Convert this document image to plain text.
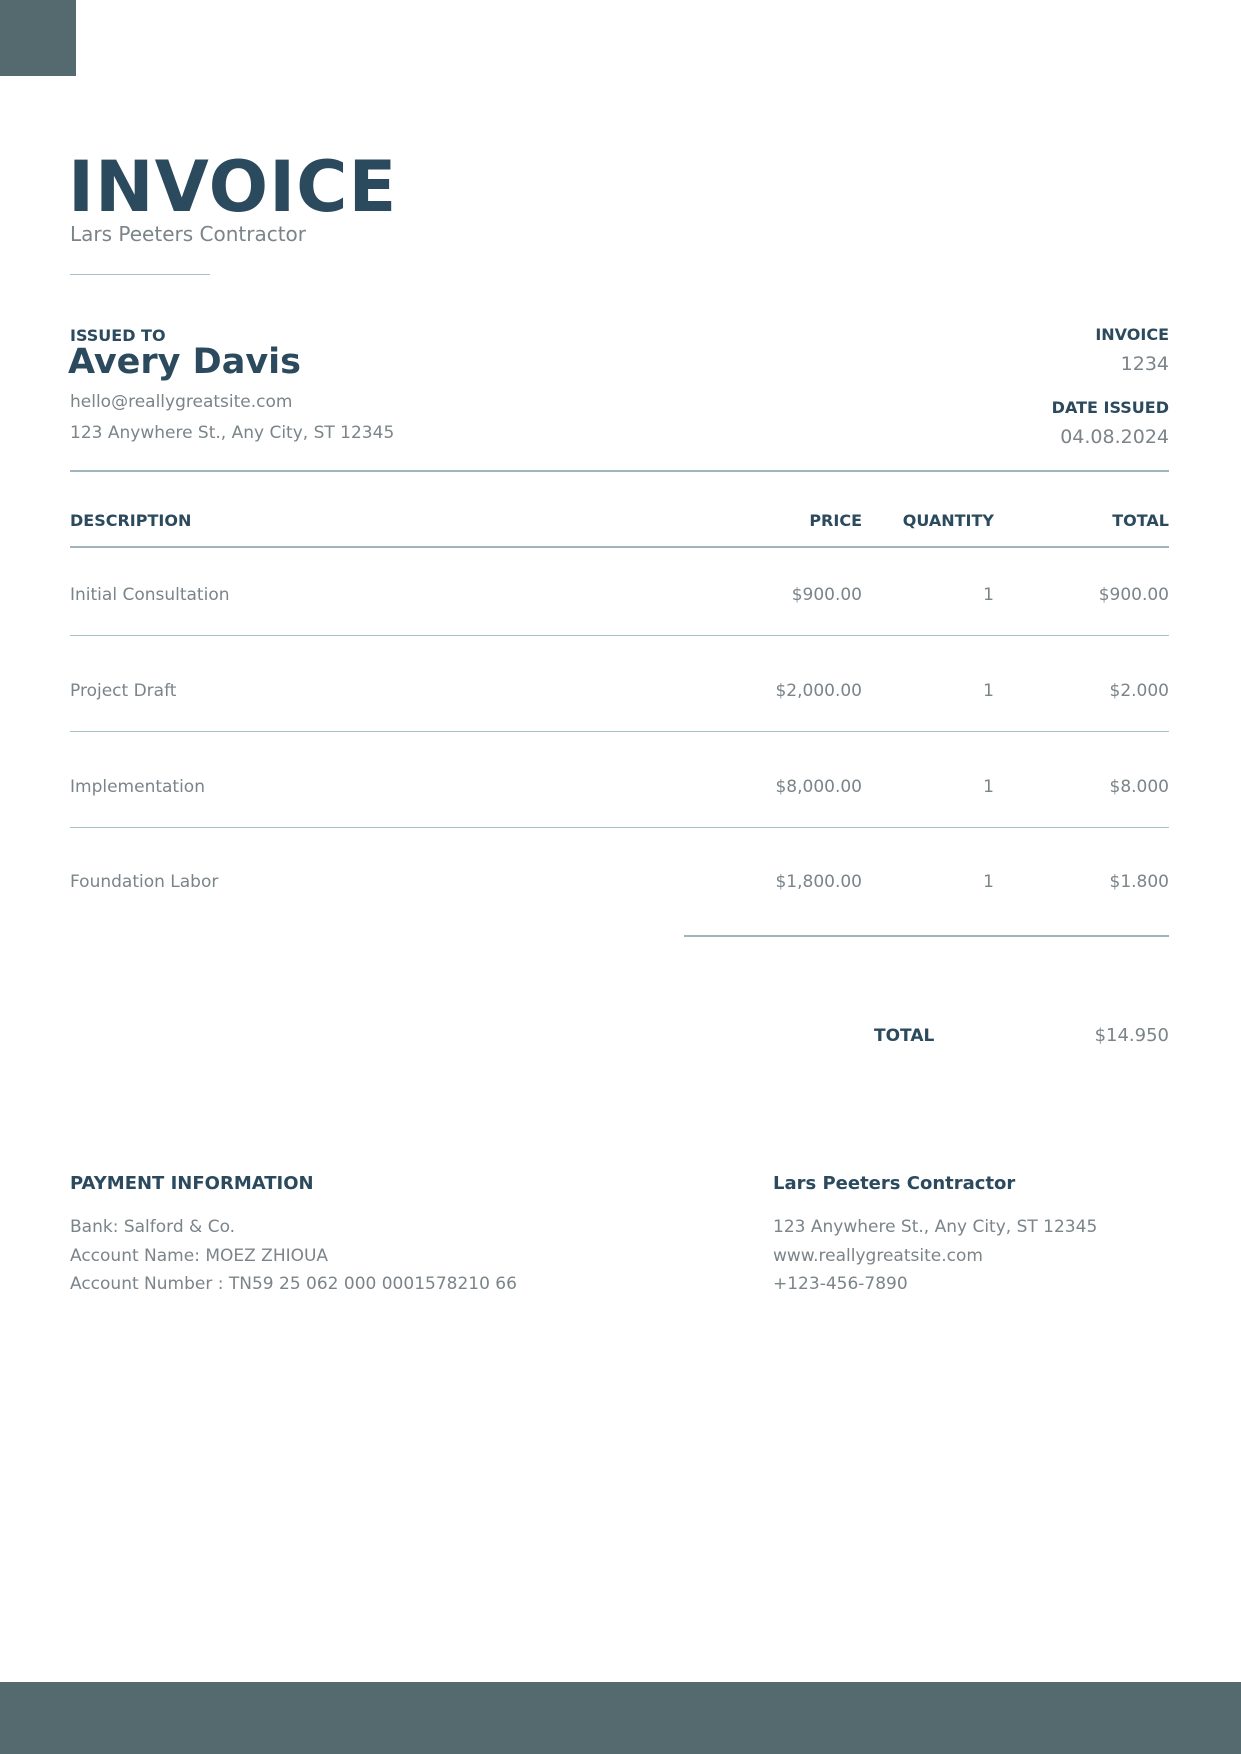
INVOICE
Lars Peeters Contractor
ISSUED TO
Avery Davis
hello@reallygreatsite.com
123 Anywhere St., Any City, ST 12345
INVOICE
1234
DATE ISSUED
04.08.2024
DESCRIPTION	PRICE	QUANTITY	TOTAL
Initial Consultation	$900.00	1	$900.00
Project Draft	$2,000.00	1	$2.000
Implementation	$8,000.00	1	$8.000
Foundation Labor	$1,800.00	1	$1.800
TOTAL	$14.950
PAYMENT INFORMATION
Bank: Salford & Co.
Account Name: MOEZ ZHIOUA
Account Number : TN59 25 062 000 0001578210 66
Lars Peeters Contractor
123 Anywhere St., Any City, ST 12345
www.reallygreatsite.com
+123-456-7890
